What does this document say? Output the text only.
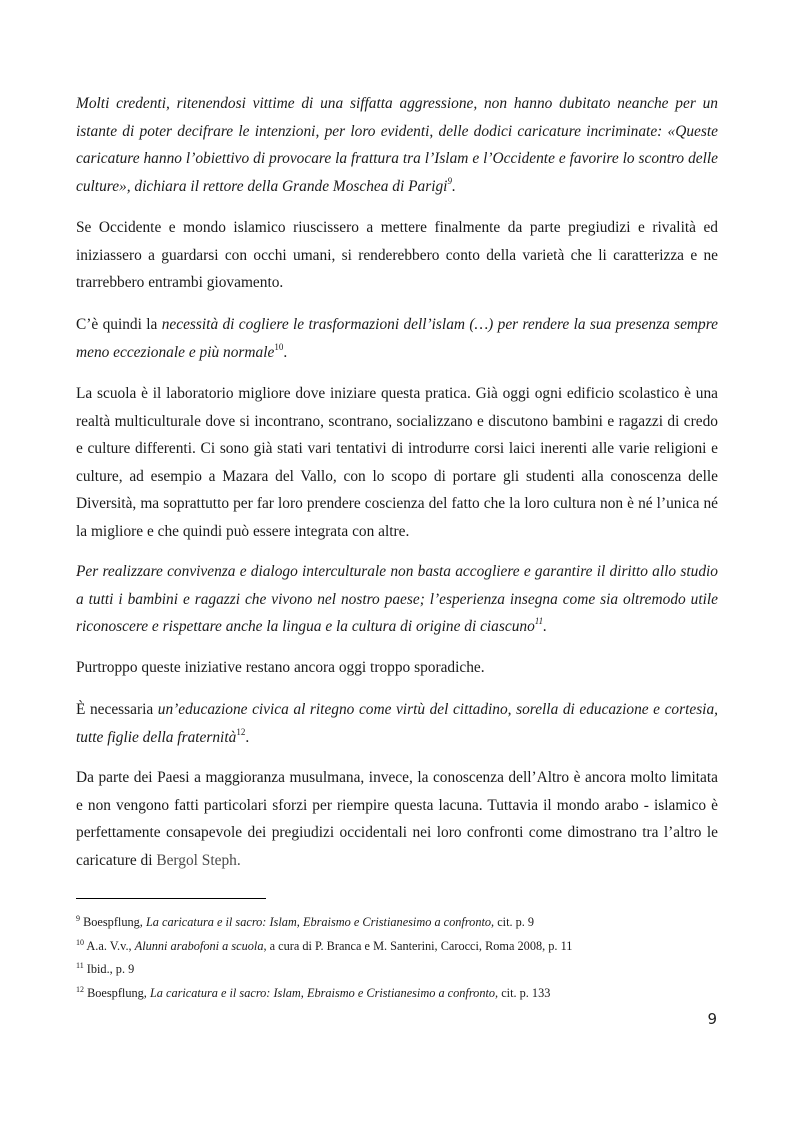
Molti credenti, ritenendosi vittime di una siffatta aggressione, non hanno dubitato neanche per un istante di poter decifrare le intenzioni, per loro evidenti, delle dodici caricature incriminate: «Queste caricature hanno l’obiettivo di provocare la frattura tra l’Islam e l’Occidente e favorire lo scontro delle culture», dichiara il rettore della Grande Moschea di Parigi$^9$.

Se Occidente e mondo islamico riuscissero a mettere finalmente da parte pregiudizi e rivalità ed iniziassero a guardarsi con occhi umani, si renderebbero conto della varietà che li caratterizza e ne trarrebbero entrambi giovamento.

C’è quindi la necessità di cogliere le trasformazioni dell’islam (…) per rendere la sua presenza sempre meno eccezionale e più normale$^{10}$.

La scuola è il laboratorio migliore dove iniziare questa pratica. Già oggi ogni edificio scolastico è una realtà multiculturale dove si incontrano, scontrano, socializzano e discutono bambini e ragazzi di credo e culture differenti. Ci sono già stati vari tentativi di introdurre corsi laici inerenti alle varie religioni e culture, ad esempio a Mazara del Vallo, con lo scopo di portare gli studenti alla conoscenza delle Diversità, ma soprattutto per far loro prendere coscienza del fatto che la loro cultura non è né l’unica né la migliore e che quindi può essere integrata con altre.

Per realizzare convivenza e dialogo interculturale non basta accogliere e garantire il diritto allo studio a tutti i bambini e ragazzi che vivono nel nostro paese; l’esperienza insegna come sia oltremodo utile riconoscere e rispettare anche la lingua e la cultura di origine di ciascuno$^{11}$.

Purtroppo queste iniziative restano ancora oggi troppo sporadiche.

È necessaria un’educazione civica al ritegno come virtù del cittadino, sorella di educazione e cortesia, tutte figlie della fraternità$^{12}$.

Da parte dei Paesi a maggioranza musulmana, invece, la conoscenza dell’Altro è ancora molto limitata e non vengono fatti particolari sforzi per riempire questa lacuna. Tuttavia il mondo arabo - islamico è perfettamente consapevole dei pregiudizi occidentali nei loro confronti come dimostrano tra l’altro le caricature di Bergol Steph.

$^9$ Boespflung, La caricatura e il sacro: Islam, Ebraismo e Cristianesimo a confronto, cit. p. 9

$^{10}$ A.a. V.v., Alunni arabofoni a scuola, a cura di P. Branca e M. Santerini, Carocci, Roma 2008, p. 11

$^{11}$ Ibid., p. 9

$^{12}$ Boespflung, La caricatura e il sacro: Islam, Ebraismo e Cristianesimo a confronto, cit. p. 133

9
